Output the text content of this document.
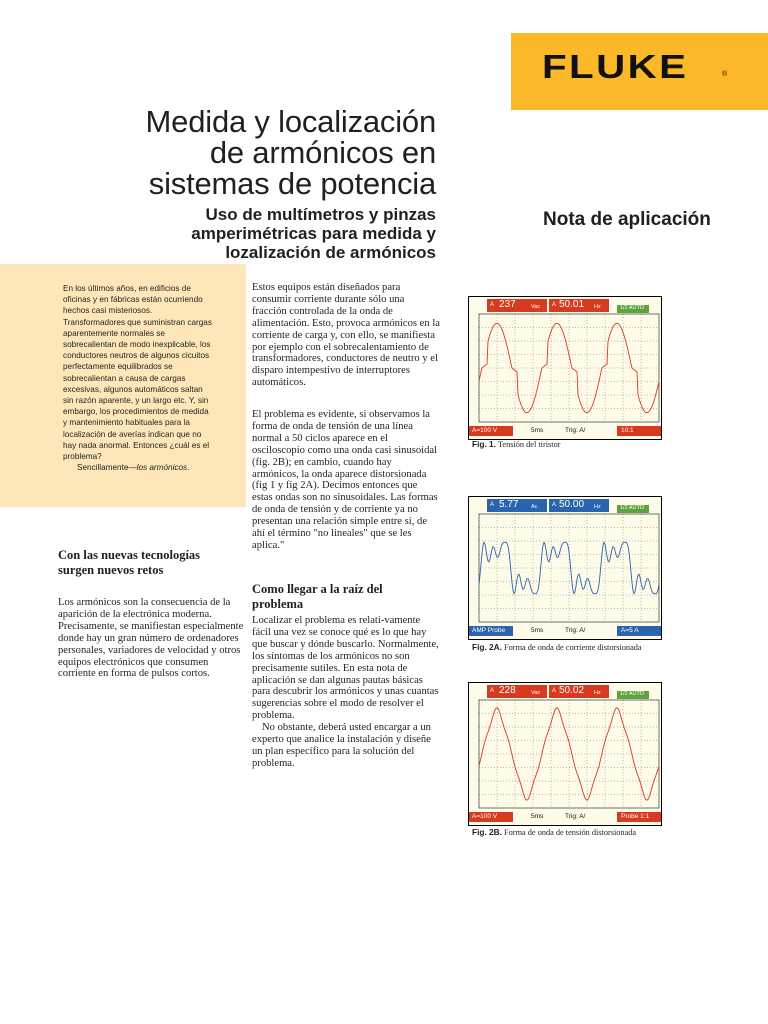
FLUKE	®
Medida y localización
de armónicos en
sistemas de potencia
Uso de multímetros y pinzas
amperimétricas para medida y
lozalización de armónicos
Nota de aplicación
En los últimos años, en edificios de oficinas y en fábricas están ocurriendo hechos casi misteriosos. Transformadores que suministran cargas aparentemente normales se sobrecalientan de modo inexplicable, los conductores neutros de algunos cicuitos perfectamente equilibrados se sobrecalientan a causa de cargas excesivas, algunos automáticos saltan sin razón aparente, y un largo etc. Y, sin embargo, los procedimientos de medida y mantenimiento habituales para la localización de averías indican que no hay nada anormal. Entonces ¿cuál es el problema?
Sencillamente—los armónicos.
Con las nuevas tecnologías surgen nuevos retos
Los armónicos son la consecuencia de la aparición de la electrónica moderna. Precisamente, se manifiestan especialmente donde hay un gran número de ordenadores personales, variadores de velocidad y otros equipos electrónicos que consumen corriente en forma de pulsos cortos.
Estos equipos están diseñados para consumir corriente durante sólo una fracción controlada de la onda de alimentación. Esto, provoca armónicos en la corriente de carga y, con ello, se manifiesta por ejemplo con el sobrecalentamiento de transformadores, conductores de neutro y el disparo intempestivo de interruptores automáticos.
El problema es evidente, si observamos la forma de onda de tensión de una línea normal a 50 ciclos aparece en el osciloscopio como una onda casi sinusoidal (fig. 2B); en cambio, cuando hay armónicos, la onda aparece distorsionada (fig 1 y fig 2A). Decimos entonces que estas ondas son no sinusoidales. Las formas de onda de tensión y de corriente ya no presentan una relación simple entre sí, de ahí el término "no lineales" que se les aplica."
Como llegar a la raíz del problema
Localizar el problema es relati-vamente fácil una vez se conoce qué es lo que hay que buscar y dónde buscarlo. Normalmente, los síntomas de los armónicos no son precisamente sutiles. En esta nota de aplicación se dan algunas pautas básicas para descubrir los armónicos y unas cuantas sugerencias sobre el modo de resolver el problema.
No obstante, deberá usted encargar a un experto que analice la instalación y diseñe un plan específico para la solución del problema.
A 237	Vac A 50.01 Hz	1/2 AUTO
A=100 V	5ms	Trig: A/	10:1
Fig. 1. Tensión del tiristor
A 5.77 Ac A 50.00 Hz	1/2 AUTO
AMP Probe	5ms	Trig: A/	A=5 A
Fig. 2A. Forma de onda de corriente distorsionada
A 228	Vac A 50.02 Hz	1/2 AUTO
A=100 V	5ms	Trig: A/	Probe 1:1
Fig. 2B. Forma de onda de tensión distorsionada
